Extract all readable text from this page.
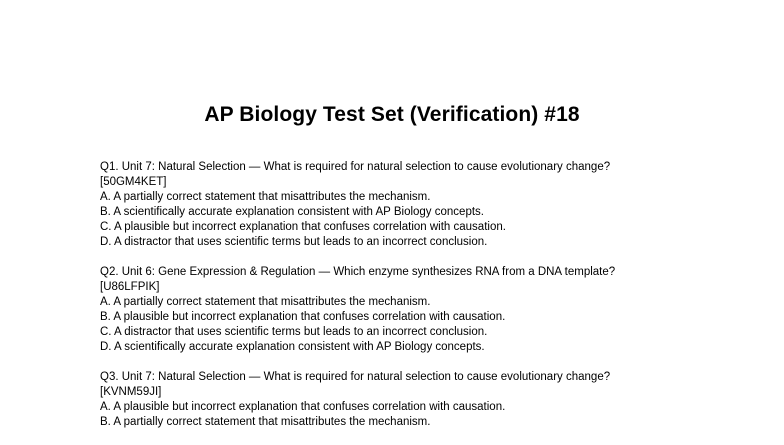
AP Biology Test Set (Verification) #18
Q1. Unit 7: Natural Selection — What is required for natural selection to cause evolutionary change?
[50GM4KET]
A. A partially correct statement that misattributes the mechanism.
B. A scientifically accurate explanation consistent with AP Biology concepts.
C. A plausible but incorrect explanation that confuses correlation with causation.
D. A distractor that uses scientific terms but leads to an incorrect conclusion.
Q2. Unit 6: Gene Expression & Regulation — Which enzyme synthesizes RNA from a DNA template?
[U86LFPIK]
A. A partially correct statement that misattributes the mechanism.
B. A plausible but incorrect explanation that confuses correlation with causation.
C. A distractor that uses scientific terms but leads to an incorrect conclusion.
D. A scientifically accurate explanation consistent with AP Biology concepts.
Q3. Unit 7: Natural Selection — What is required for natural selection to cause evolutionary change?
[KVNM59JI]
A. A plausible but incorrect explanation that confuses correlation with causation.
B. A partially correct statement that misattributes the mechanism.
